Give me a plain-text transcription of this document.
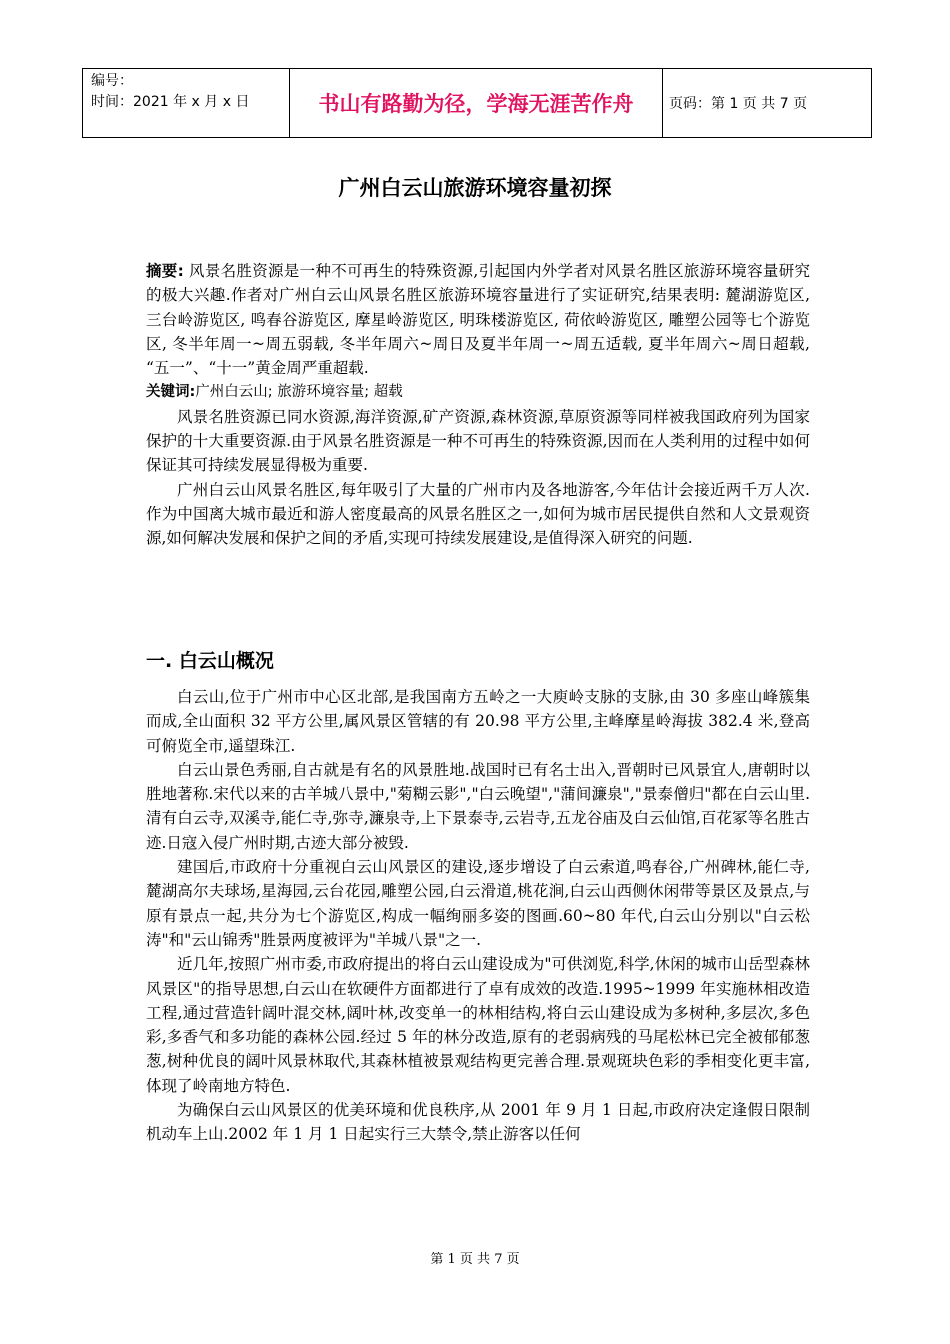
编号：
时间：2021 年 x 月 x 日	书山有路勤为径，学海无涯苦作舟	页码：第 1 页 共 7 页
广州白云山旅游环境容量初探

摘要: 风景名胜资源是一种不可再生的特殊资源,引起国内外学者对风景名胜区旅游环境容量研究的极大兴趣.作者对广州白云山风景名胜区旅游环境容量进行了实证研究,结果表明: 麓湖游览区, 三台岭游览区, 鸣春谷游览区, 摩星岭游览区, 明珠楼游览区, 荷依岭游览区, 雕塑公园等七个游览区, 冬半年周一~周五弱载, 冬半年周六~周日及夏半年周一~周五适载, 夏半年周六~周日超载, “五一”、“十一”黄金周严重超载.

关键词:广州白云山; 旅游环境容量; 超载

风景名胜资源已同水资源,海洋资源,矿产资源,森林资源,草原资源等同样被我国政府列为国家保护的十大重要资源.由于风景名胜资源是一种不可再生的特殊资源,因而在人类利用的过程中如何保证其可持续发展显得极为重要.

广州白云山风景名胜区,每年吸引了大量的广州市内及各地游客,今年估计会接近两千万人次.作为中国离大城市最近和游人密度最高的风景名胜区之一,如何为城市居民提供自然和人文景观资源,如何解决发展和保护之间的矛盾,实现可持续发展建设,是值得深入研究的问题.

一. 白云山概况

白云山,位于广州市中心区北部,是我国南方五岭之一大庾岭支脉的支脉,由 30 多座山峰簇集而成,全山面积 32 平方公里,属风景区管辖的有 20.98 平方公里,主峰摩星岭海拔 382.4 米,登高可俯览全市,遥望珠江.

白云山景色秀丽,自古就是有名的风景胜地.战国时已有名士出入,晋朝时已风景宜人,唐朝时以胜地著称.宋代以来的古羊城八景中,"菊糊云影","白云晚望","蒲间濂泉","景泰僧归"都在白云山里.清有白云寺,双溪寺,能仁寺,弥寺,濂泉寺,上下景泰寺,云岩寺,五龙谷庙及白云仙馆,百花冢等名胜古迹.日寇入侵广州时期,古迹大部分被毁.

建国后,市政府十分重视白云山风景区的建设,逐步增设了白云索道,鸣春谷,广州碑林,能仁寺,麓湖高尔夫球场,星海园,云台花园,雕塑公园,白云滑道,桃花涧,白云山西侧休闲带等景区及景点,与原有景点一起,共分为七个游览区,构成一幅绚丽多姿的图画.60~80 年代,白云山分别以"白云松涛"和"云山锦秀"胜景两度被评为"羊城八景"之一.

近几年,按照广州市委,市政府提出的将白云山建设成为"可供浏览,科学,休闲的城市山岳型森林风景区"的指导思想,白云山在软硬件方面都进行了卓有成效的改造.1995~1999 年实施林相改造工程,通过营造针阔叶混交林,阔叶林,改变单一的林相结构,将白云山建设成为多树种,多层次,多色彩,多香气和多功能的森林公园.经过 5 年的林分改造,原有的老弱病残的马尾松林已完全被郁郁葱葱,树种优良的阔叶风景林取代,其森林植被景观结构更完善合理.景观斑块色彩的季相变化更丰富,体现了岭南地方特色.

为确保白云山风景区的优美环境和优良秩序,从 2001 年 9 月 1 日起,市政府决定逢假日限制机动车上山.2002 年 1 月 1 日起实行三大禁令,禁止游客以任何

第 1 页 共 7 页
